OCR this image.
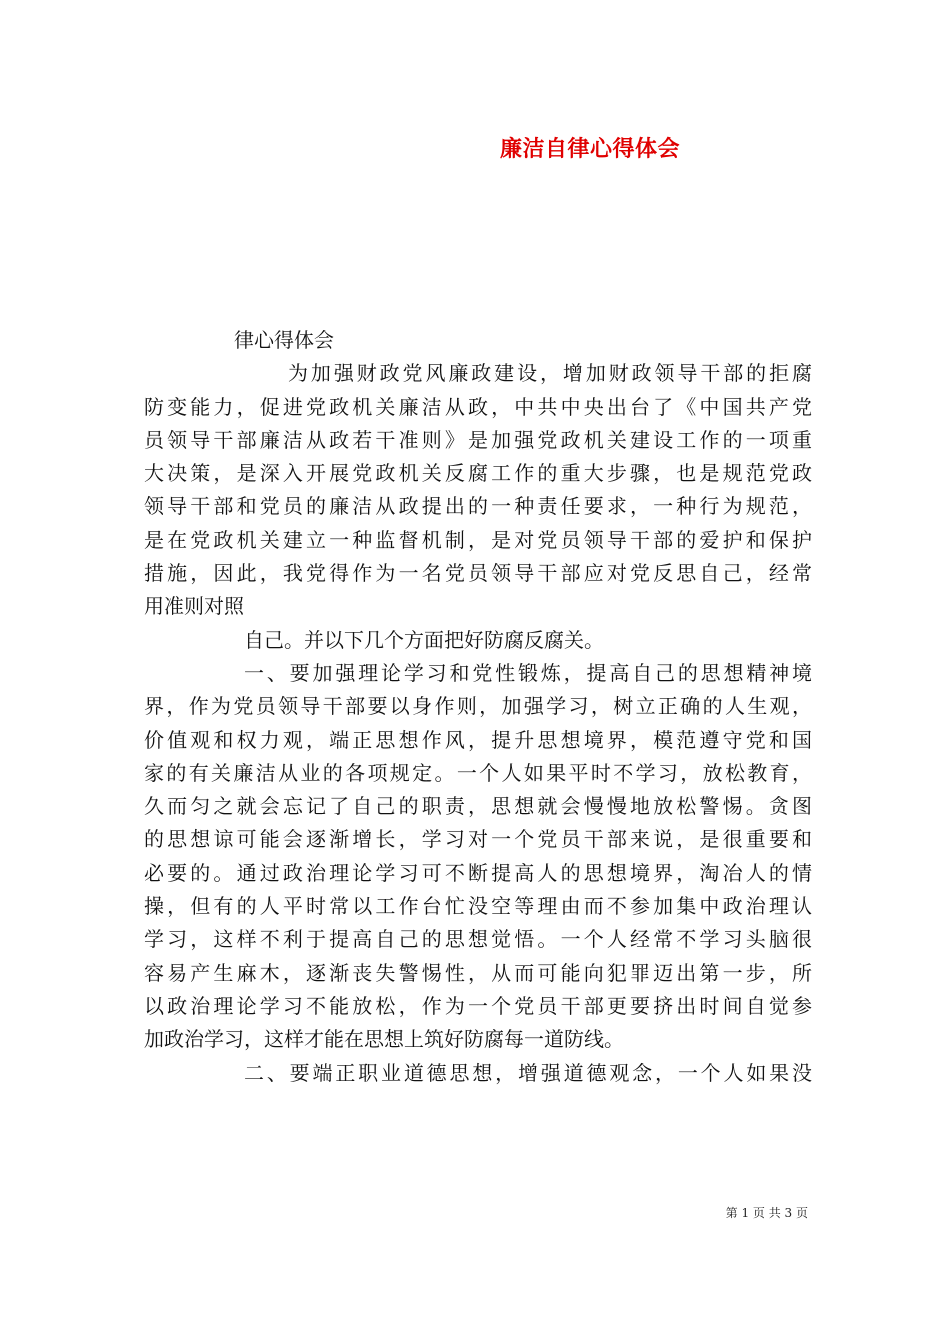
廉洁自律心得体会
律心得体会
为加强财政党风廉政建设，增加财政领导干部的拒腐
防变能力，促进党政机关廉洁从政，中共中央出台了《中国共产党
员领导干部廉洁从政若干准则》是加强党政机关建设工作的一项重
大决策，是深入开展党政机关反腐工作的重大步骤，也是规范党政
领导干部和党员的廉洁从政提出的一种责任要求，一种行为规范，
是在党政机关建立一种监督机制，是对党员领导干部的爱护和保护
措施，因此，我党得作为一名党员领导干部应对党反思自己，经常
用准则对照
自己。并以下几个方面把好防腐反腐关。
一、要加强理论学习和党性锻炼，提高自己的思想精神境
界，作为党员领导干部要以身作则，加强学习，树立正确的人生观，
价值观和权力观，端正思想作风，提升思想境界，模范遵守党和国
家的有关廉洁从业的各项规定。一个人如果平时不学习，放松教育，
久而匀之就会忘记了自己的职责，思想就会慢慢地放松警惕。贪图
的思想谅可能会逐渐增长，学习对一个党员干部来说，是很重要和
必要的。通过政治理论学习可不断提高人的思想境界，淘冶人的情
操，但有的人平时常以工作台忙没空等理由而不参加集中政治理认
学习，这样不利于提高自己的思想觉悟。一个人经常不学习头脑很
容易产生麻木，逐渐丧失警惕性，从而可能向犯罪迈出第一步，所
以政治理论学习不能放松，作为一个党员干部更要挤出时间自觉参
加政治学习，这样才能在思想上筑好防腐每一道防线。
二、要端正职业道德思想，增强道德观念，一个人如果没
第 1 页 共 3 页
